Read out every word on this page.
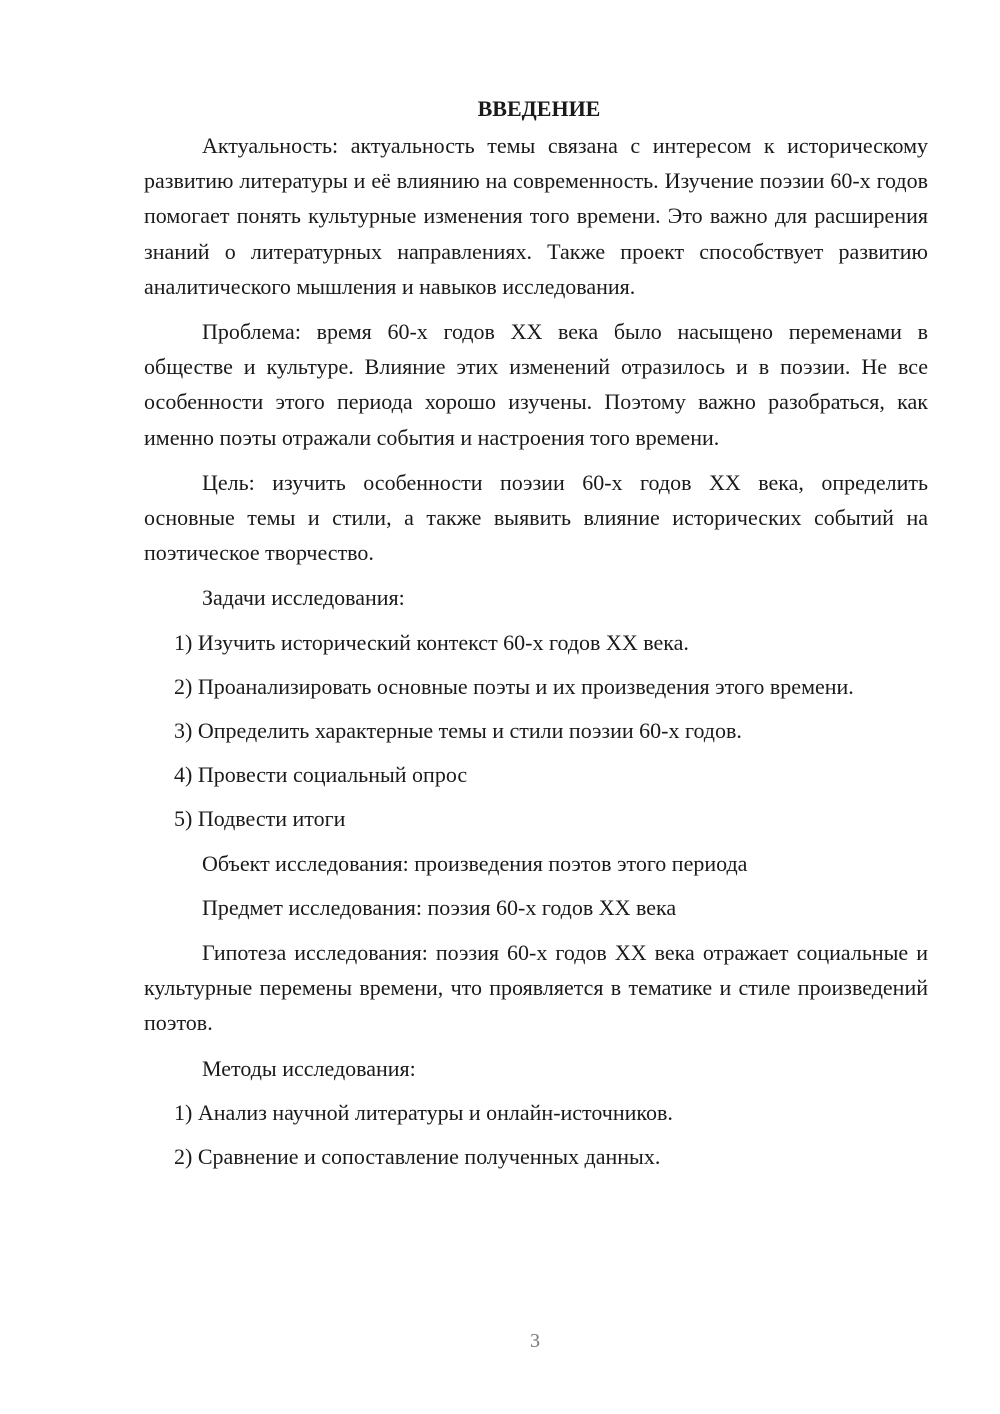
ВВЕДЕНИЕ

Актуальность: актуальность темы связана с интересом к историческому развитию литературы и её влиянию на современность. Изучение поэзии 60-х годов помогает понять культурные изменения того времени. Это важно для расширения знаний о литературных направлениях. Также проект способствует развитию аналитического мышления и навыков исследования.

Проблема: время 60-х годов XX века было насыщено переменами в обществе и культуре. Влияние этих изменений отразилось и в поэзии. Не все особенности этого периода хорошо изучены. Поэтому важно разобраться, как именно поэты отражали события и настроения того времени.

Цель: изучить особенности поэзии 60-х годов XX века, определить основные темы и стили, а также выявить влияние исторических событий на поэтическое творчество.

Задачи исследования:

1) Изучить исторический контекст 60-х годов XX века.

2) Проанализировать основные поэты и их произведения этого времени.

3) Определить характерные темы и стили поэзии 60-х годов.

4) Провести социальный опрос

5) Подвести итоги

Объект исследования: произведения поэтов этого периода

Предмет исследования: поэзия 60-х годов XX века

Гипотеза исследования: поэзия 60-х годов XX века отражает социальные и культурные перемены времени, что проявляется в тематике и стиле произведений поэтов.

Методы исследования:

1) Анализ научной литературы и онлайн-источников.

2) Сравнение и сопоставление полученных данных.

3
